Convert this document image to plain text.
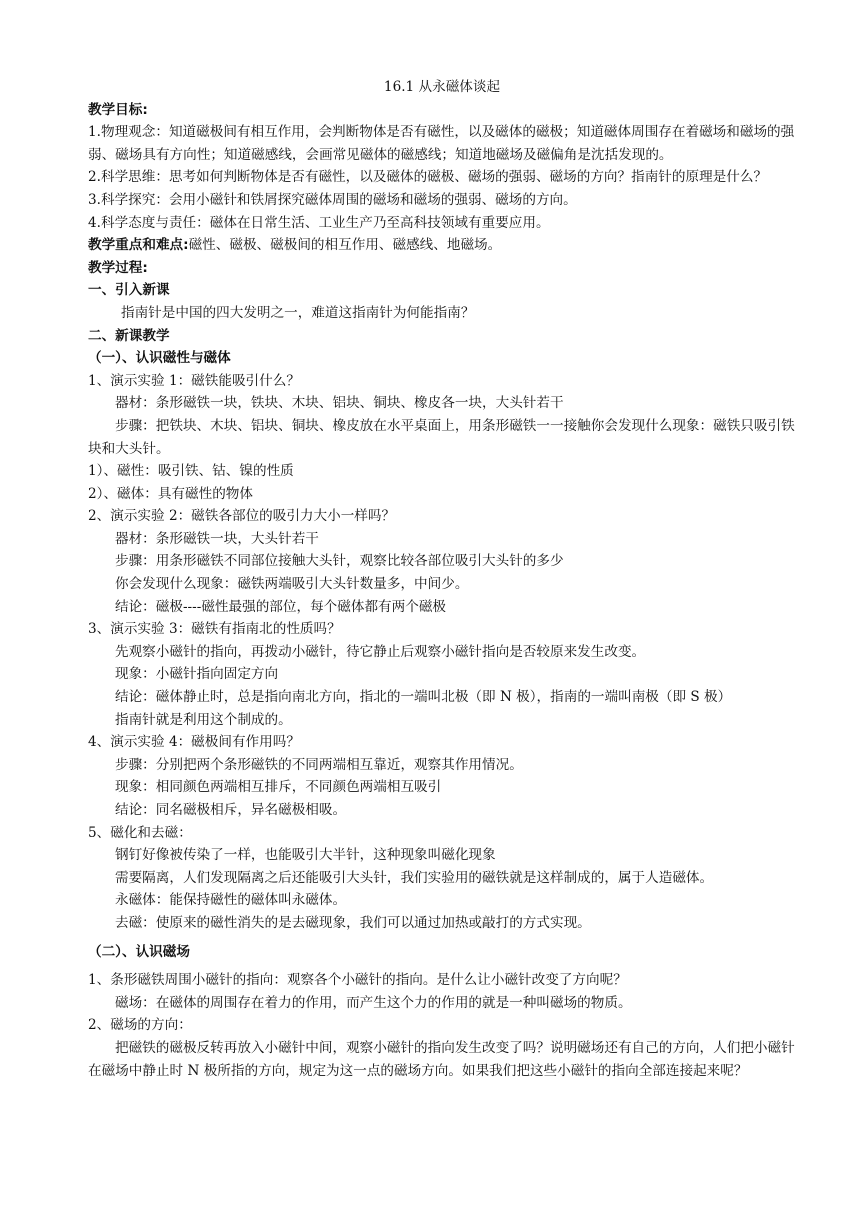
16.1 从永磁体谈起

教学目标:

1.物理观念：知道磁极间有相互作用，会判断物体是否有磁性，以及磁体的磁极；知道磁体周围存在着磁场和磁场的强弱、磁场具有方向性；知道磁感线，会画常见磁体的磁感线；知道地磁场及磁偏角是沈括发现的。

2.科学思维：思考如何判断物体是否有磁性，以及磁体的磁极、磁场的强弱、磁场的方向？指南针的原理是什么？

3.科学探究：会用小磁针和铁屑探究磁体周围的磁场和磁场的强弱、磁场的方向。

4.科学态度与责任：磁体在日常生活、工业生产乃至高科技领域有重要应用。

教学重点和难点:磁性、磁极、磁极间的相互作用、磁感线、地磁场。

教学过程:

一、引入新课

指南针是中国的四大发明之一，难道这指南针为何能指南？

二、新课教学

（一）、认识磁性与磁体

1、演示实验 1：磁铁能吸引什么？

器材：条形磁铁一块，铁块、木块、铝块、铜块、橡皮各一块，大头针若干

步骤：把铁块、木块、铝块、铜块、橡皮放在水平桌面上，用条形磁铁一一接触你会发现什么现象：磁铁只吸引铁块和大头针。

1）、磁性：吸引铁、钴、镍的性质

2）、磁体：具有磁性的物体

2、演示实验 2：磁铁各部位的吸引力大小一样吗？

器材：条形磁铁一块，大头针若干

步骤：用条形磁铁不同部位接触大头针，观察比较各部位吸引大头针的多少

你会发现什么现象：磁铁两端吸引大头针数量多，中间少。

结论：磁极----磁性最强的部位，每个磁体都有两个磁极

3、演示实验 3：磁铁有指南北的性质吗？

先观察小磁针的指向，再拨动小磁针，待它静止后观察小磁针指向是否较原来发生改变。

现象：小磁针指向固定方向

结论：磁体静止时，总是指向南北方向，指北的一端叫北极（即 N 极），指南的一端叫南极（即 S 极）

指南针就是利用这个制成的。

4、演示实验 4：磁极间有作用吗？

步骤：分别把两个条形磁铁的不同两端相互靠近，观察其作用情况。

现象：相同颜色两端相互排斥，不同颜色两端相互吸引

结论：同名磁极相斥，异名磁极相吸。

5、磁化和去磁：

钢钉好像被传染了一样，也能吸引大半针，这种现象叫磁化现象

需要隔离，人们发现隔离之后还能吸引大头针，我们实验用的磁铁就是这样制成的，属于人造磁体。

永磁体：能保持磁性的磁体叫永磁体。

去磁：使原来的磁性消失的是去磁现象，我们可以通过加热或敲打的方式实现。

（二）、认识磁场

1、条形磁铁周围小磁针的指向：观察各个小磁针的指向。是什么让小磁针改变了方向呢？

磁场：在磁体的周围存在着力的作用，而产生这个力的作用的就是一种叫磁场的物质。

2、磁场的方向：

把磁铁的磁极反转再放入小磁针中间，观察小磁针的指向发生改变了吗？说明磁场还有自己的方向，人们把小磁针在磁场中静止时 N 极所指的方向，规定为这一点的磁场方向。如果我们把这些小磁针的指向全部连接起来呢？
